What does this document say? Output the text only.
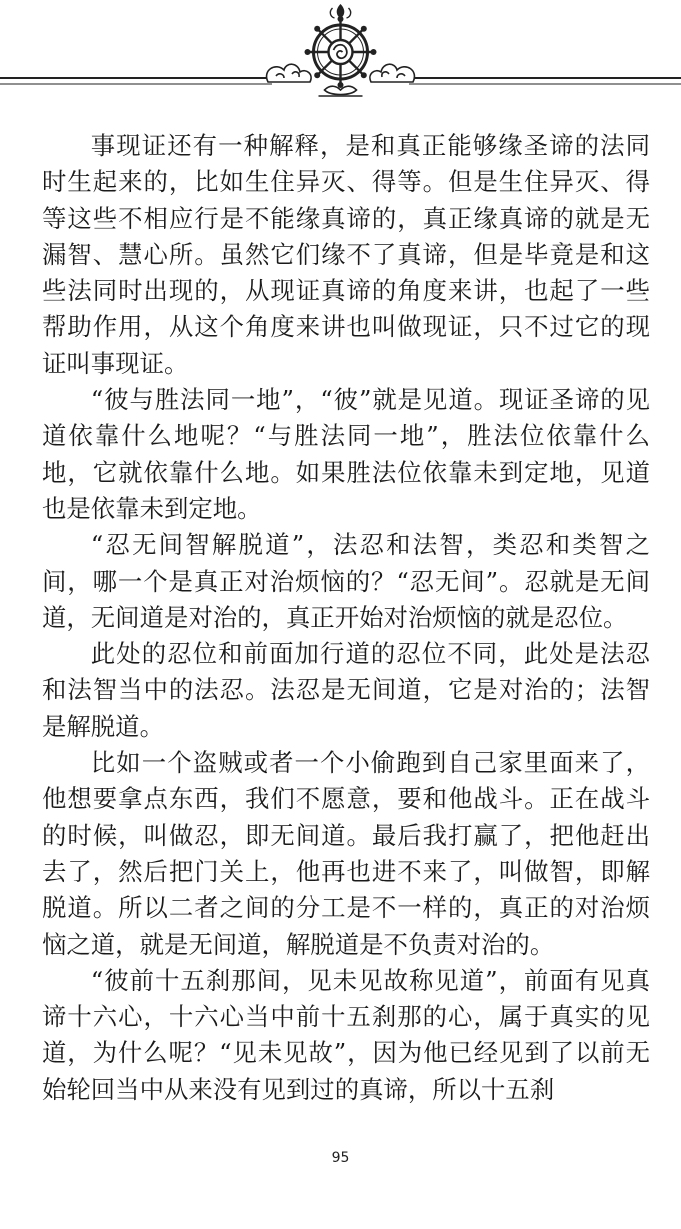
事现证还有一种解释，是和真正能够缘圣谛的法同时生起来的，比如生住异灭、得等。但是生住异灭、得等这些不相应行是不能缘真谛的，真正缘真谛的就是无漏智、慧心所。虽然它们缘不了真谛，但是毕竟是和这些法同时出现的，从现证真谛的角度来讲，也起了一些帮助作用，从这个角度来讲也叫做现证，只不过它的现证叫事现证。

“彼与胜法同一地”，“彼”就是见道。现证圣谛的见道依靠什么地呢？“与胜法同一地”，胜法位依靠什么地，它就依靠什么地。如果胜法位依靠未到定地，见道也是依靠未到定地。

“忍无间智解脱道”，法忍和法智，类忍和类智之间，哪一个是真正对治烦恼的？“忍无间”。忍就是无间道，无间道是对治的，真正开始对治烦恼的就是忍位。

此处的忍位和前面加行道的忍位不同，此处是法忍和法智当中的法忍。法忍是无间道，它是对治的；法智是解脱道。

比如一个盗贼或者一个小偷跑到自己家里面来了，他想要拿点东西，我们不愿意，要和他战斗。正在战斗的时候，叫做忍，即无间道。最后我打赢了，把他赶出去了，然后把门关上，他再也进不来了，叫做智，即解脱道。所以二者之间的分工是不一样的，真正的对治烦恼之道，就是无间道，解脱道是不负责对治的。

“彼前十五刹那间，见未见故称见道”，前面有见真谛十六心，十六心当中前十五刹那的心，属于真实的见道，为什么呢？“见未见故”，因为他已经见到了以前无始轮回当中从来没有见到过的真谛，所以十五刹

95
